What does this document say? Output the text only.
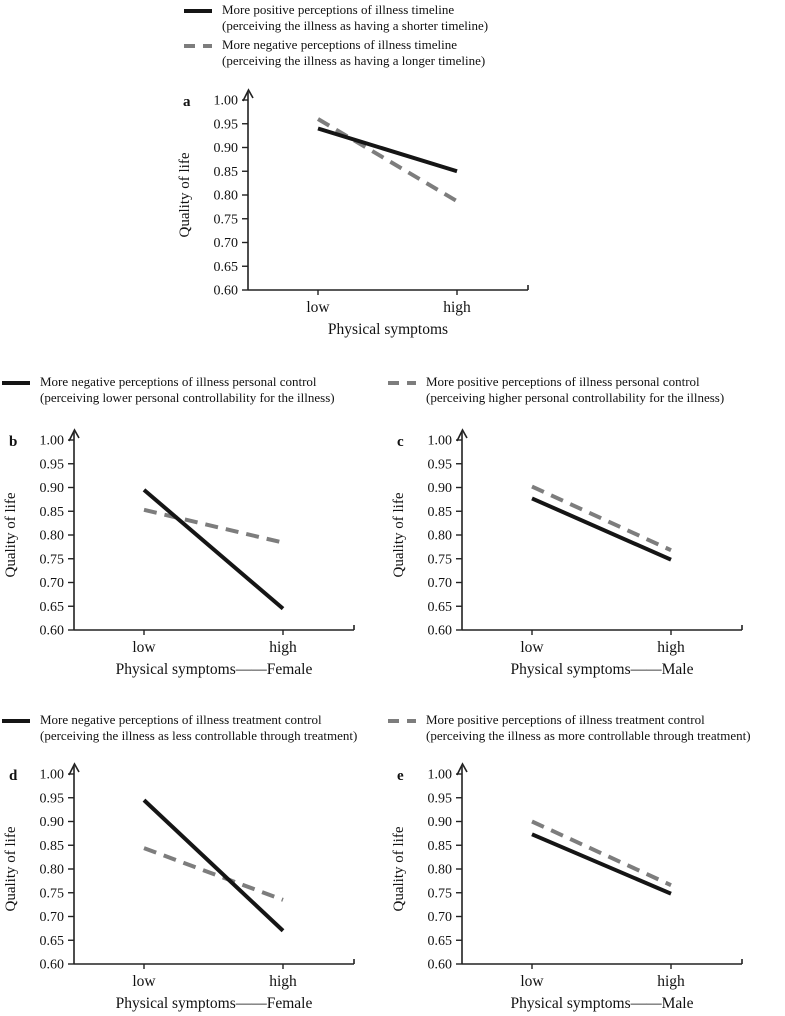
More positive perceptions of illness timeline
(perceiving the illness as having a shorter timeline)
More negative perceptions of illness timeline
(perceiving the illness as having a longer timeline)
1.00
0.95
0.90
0.85
0.80
0.75
0.70
0.65
0.60
low	high
Physical symptoms
Quality of life
a
More negative perceptions of illness personal control
(perceiving lower personal controllability for the illness)
More positive perceptions of illness personal control
(perceiving higher personal controllability for the illness)
1.00
0.95
0.90
0.85
0.80
0.75
0.70
0.65
0.60
low	high
Physical symptoms——Female
Quality of life
b	1.00
0.95
0.90
0.85
0.80
0.75
0.70
0.65
0.60
low	high
Physical symptoms——Male
Quality of life
c
More negative perceptions of illness treatment control
(perceiving the illness as less controllable through treatment)
More positive perceptions of illness treatment control
(perceiving the illness as more controllable through treatment)
1.00
0.95
0.90
0.85
0.80
0.75
0.70
0.65
0.60
low	high
Physical symptoms——Female
Quality of life
d	1.00
0.95
0.90
0.85
0.80
0.75
0.70
0.65
0.60
low	high
Physical symptoms——Male
Quality of life
e
